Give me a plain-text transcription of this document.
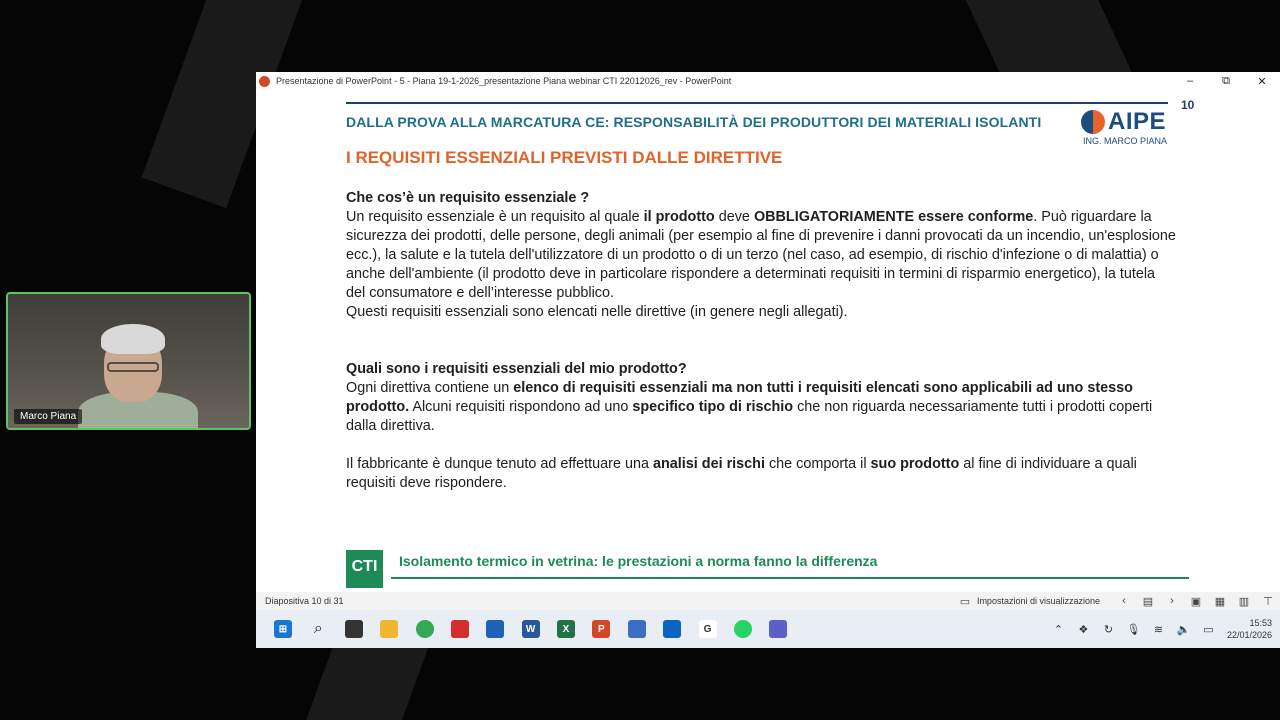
Marco Piana
Presentazione di PowerPoint - 5 - Piana 19-1-2026_presentazione Piana webinar CTI 22012026_rev - PowerPoint	–	⧉	✕
10
DALLA PROVA ALLA MARCATURA CE: RESPONSABILITÀ DEI PRODUTTORI DEI MATERIALI ISOLANTI	AIPE
ING. MARCO PIANA
I REQUISITI ESSENZIALI PREVISTI DALLE DIRETTIVE

Che cos’è un requisito essenziale ?

Un requisito essenziale è un requisito al quale il prodotto deve OBBLIGATORIAMENTE essere conforme. Può riguardare la sicurezza dei prodotti, delle persone, degli animali (per esempio al fine di prevenire i danni provocati da un incendio, un'esplosione ecc.), la salute e la tutela dell'utilizzatore di un prodotto o di un terzo (nel caso, ad esempio, di rischio d'infezione o di malattia) o anche dell'ambiente (il prodotto deve in particolare rispondere a determinati requisiti in termini di risparmio energetico), la tutela del consumatore e dell’interesse pubblico.

Questi requisiti essenziali sono elencati nelle direttive (in genere negli allegati).

Quali sono i requisiti essenziali del mio prodotto?

Ogni direttiva contiene un elenco di requisiti essenziali ma non tutti i requisiti elencati sono applicabili ad uno stesso prodotto. Alcuni requisiti rispondono ad uno specifico tipo di rischio che non riguarda necessariamente tutti i prodotti coperti dalla direttiva.

Il fabbricante è dunque tenuto ad effettuare una analisi dei rischi che comporta il suo prodotto al fine di individuare a quali requisiti deve rispondere.

CTI	Isolamento termico in vetrina: le prestazioni a norma fanno la differenza
Diapositiva 10 di 31	▭ Impostazioni di visualizzazione	‹	▤	›	▣	▦	▥	⊤
⊞	⌕	W	X	P	G	⌃	❖	↻	🎙	≋	🔈	▭
15:53
22/01/2026
